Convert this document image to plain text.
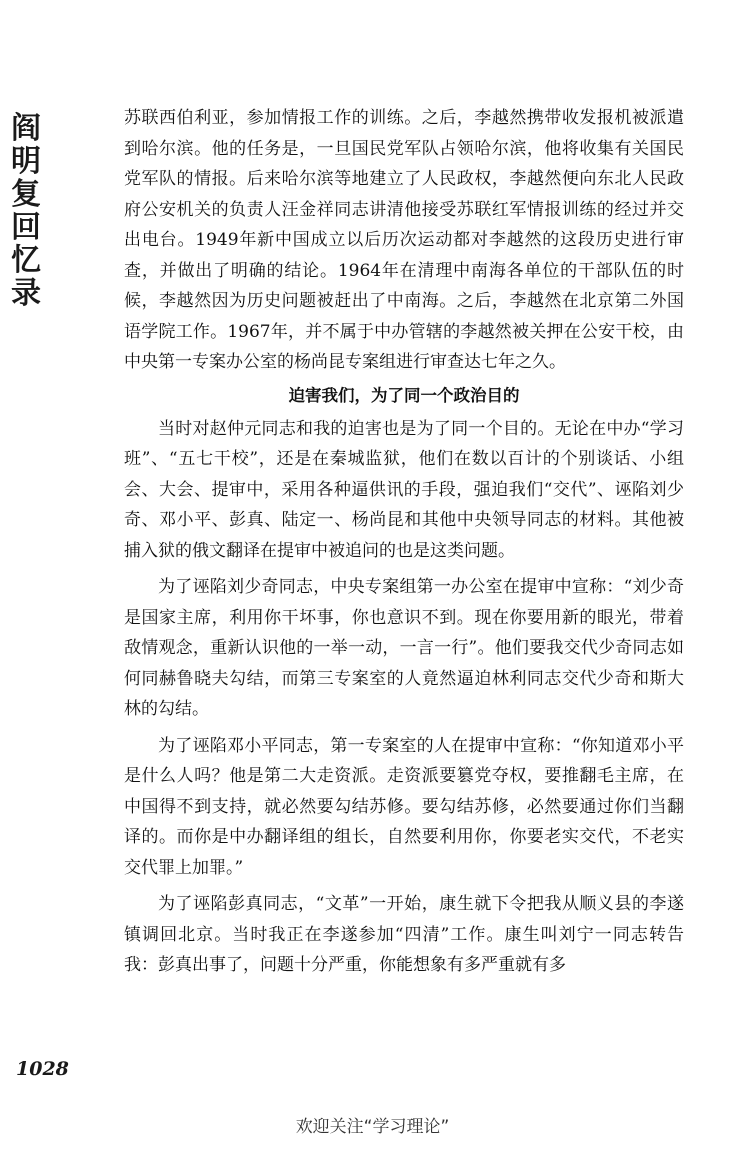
阎
明
复
回
忆
录

苏联西伯利亚，参加情报工作的训练。之后，李越然携带收发报机被派遣到哈尔滨。他的任务是，一旦国民党军队占领哈尔滨，他将收集有关国民党军队的情报。后来哈尔滨等地建立了人民政权，李越然便向东北人民政府公安机关的负责人汪金祥同志讲清他接受苏联红军情报训练的经过并交出电台。1949年新中国成立以后历次运动都对李越然的这段历史进行审查，并做出了明确的结论。1964年在清理中南海各单位的干部队伍的时候，李越然因为历史问题被赶出了中南海。之后，李越然在北京第二外国语学院工作。1967年，并不属于中办管辖的李越然被关押在公安干校，由中央第一专案办公室的杨尚昆专案组进行审查达七年之久。

迫害我们，为了同一个政治目的

当时对赵仲元同志和我的迫害也是为了同一个目的。无论在中办“学习班”、“五七干校”，还是在秦城监狱，他们在数以百计的个别谈话、小组会、大会、提审中，采用各种逼供讯的手段，强迫我们“交代”、诬陷刘少奇、邓小平、彭真、陆定一、杨尚昆和其他中央领导同志的材料。其他被捕入狱的俄文翻译在提审中被追问的也是这类问题。

为了诬陷刘少奇同志，中央专案组第一办公室在提审中宣称：“刘少奇是国家主席，利用你干坏事，你也意识不到。现在你要用新的眼光，带着敌情观念，重新认识他的一举一动，一言一行”。他们要我交代少奇同志如何同赫鲁晓夫勾结，而第三专案室的人竟然逼迫林利同志交代少奇和斯大林的勾结。

为了诬陷邓小平同志，第一专案室的人在提审中宣称：“你知道邓小平是什么人吗？他是第二大走资派。走资派要篡党夺权，要推翻毛主席，在中国得不到支持，就必然要勾结苏修。要勾结苏修，必然要通过你们当翻译的。而你是中办翻译组的组长，自然要利用你，你要老实交代，不老实交代罪上加罪。”

为了诬陷彭真同志，“文革”一开始，康生就下令把我从顺义县的李遂镇调回北京。当时我正在李遂参加“四清”工作。康生叫刘宁一同志转告我：彭真出事了，问题十分严重，你能想象有多严重就有多

1028
欢迎关注“学习理论”
